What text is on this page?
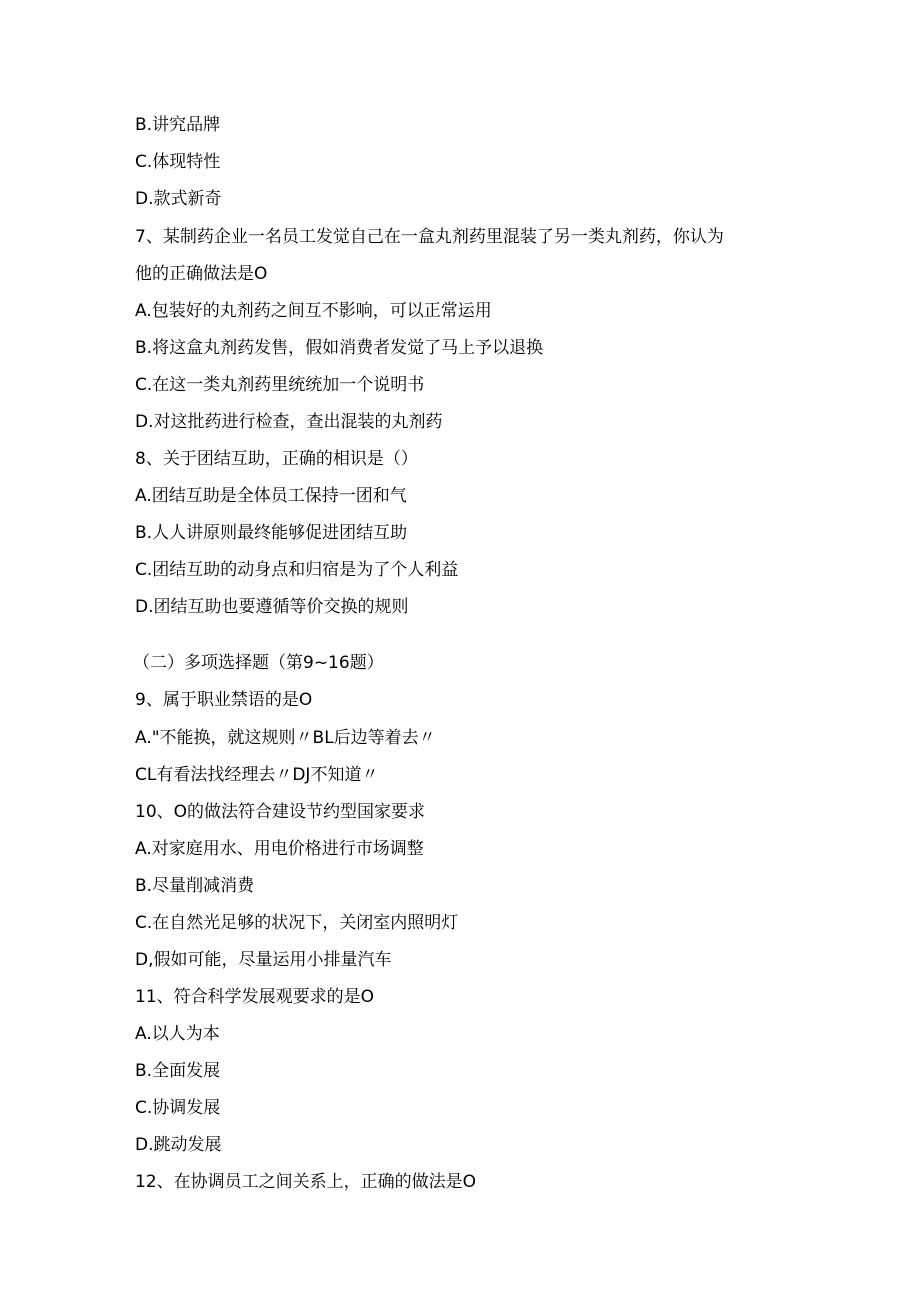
B.讲究品牌
C.体现特性
D.款式新奇
7、某制药企业一名员工发觉自己在一盒丸剂药里混装了另一类丸剂药，你认为
他的正确做法是O
A.包装好的丸剂药之间互不影响，可以正常运用
B.将这盒丸剂药发售，假如消费者发觉了马上予以退换
C.在这一类丸剂药里统统加一个说明书
D.对这批药进行检查，查出混装的丸剂药
8、关于团结互助，正确的相识是（）
A.团结互助是全体员工保持一团和气
B.人人讲原则最终能够促进团结互助
C.团结互助的动身点和归宿是为了个人利益
D.团结互助也要遵循等价交换的规则
（二）多项选择题（第9~16题）
9、属于职业禁语的是O
A."不能换，就这规则〃BL后边等着去〃
CL有看法找经理去〃DJ不知道〃
10、O的做法符合建设节约型国家要求
A.对家庭用水、用电价格进行市场调整
B.尽量削减消费
C.在自然光足够的状况下，关闭室内照明灯
D,假如可能，尽量运用小排量汽车
11、符合科学发展观要求的是O
A.以人为本
B.全面发展
C.协调发展
D.跳动发展
12、在协调员工之间关系上，正确的做法是O
